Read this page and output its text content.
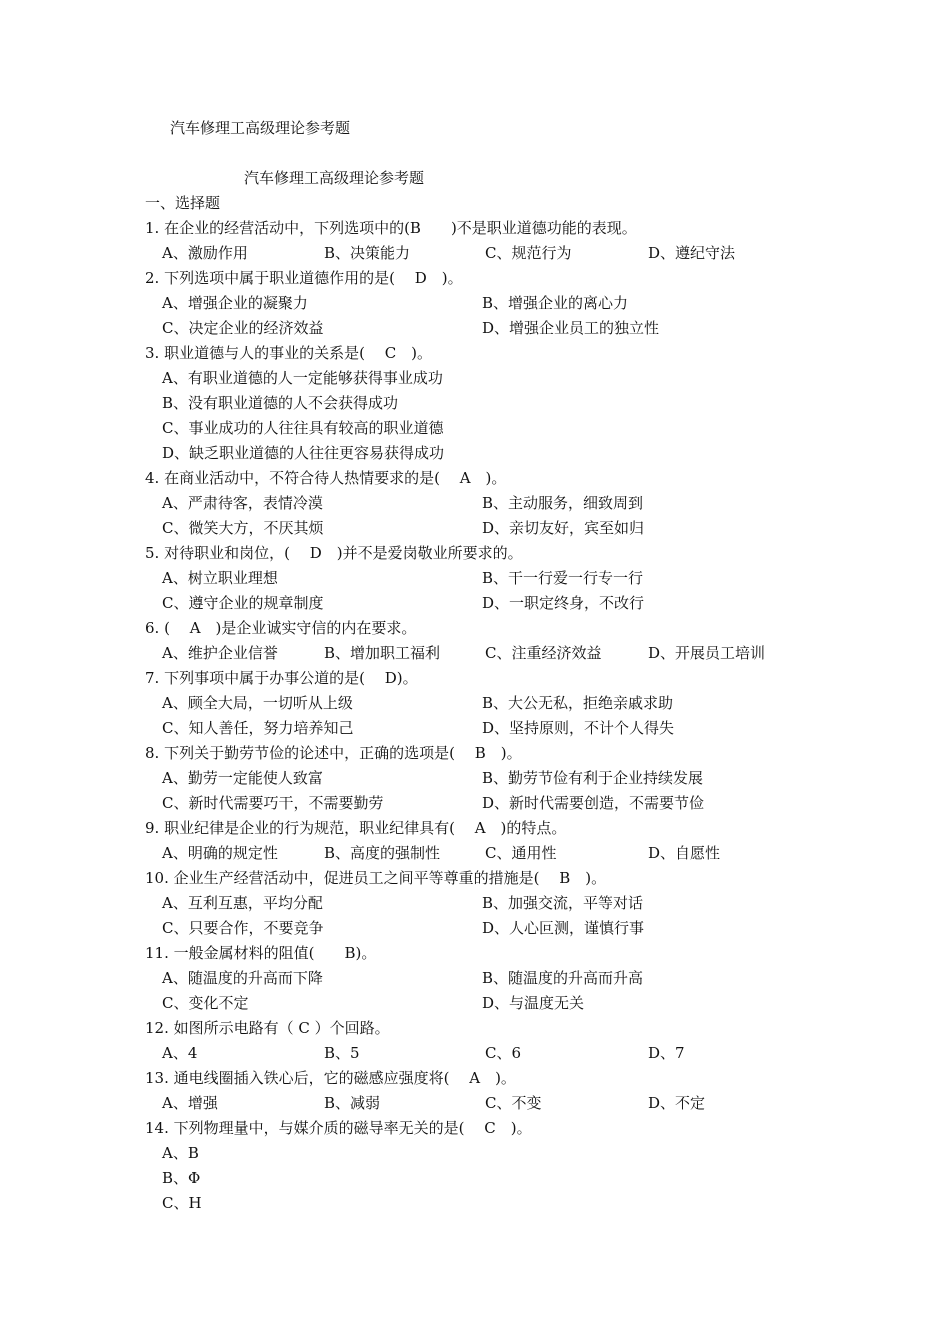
汽车修理工高级理论参考题
汽车修理工高级理论参考题
一、选择题
1. 在企业的经营活动中，下列选项中的(B　　)不是职业道德功能的表现。
A、激励作用	B、决策能力	C、规范行为	D、遵纪守法
2. 下列选项中属于职业道德作用的是(　 D　)。
A、增强企业的凝聚力	B、增强企业的离心力
C、决定企业的经济效益	D、增强企业员工的独立性
3. 职业道德与人的事业的关系是(　 C　)。
A、有职业道德的人一定能够获得事业成功
B、没有职业道德的人不会获得成功
C、事业成功的人往往具有较高的职业道德
D、缺乏职业道德的人往往更容易获得成功
4. 在商业活动中，不符合待人热情要求的是(　 A　)。
A、严肃待客，表情冷漠	B、主动服务，细致周到
C、微笑大方，不厌其烦	D、亲切友好，宾至如归
5. 对待职业和岗位，(　 D　)并不是爱岗敬业所要求的。
A、树立职业理想	B、干一行爱一行专一行
C、遵守企业的规章制度	D、一职定终身，不改行
6. (　 A　)是企业诚实守信的内在要求。
A、维护企业信誉	B、增加职工福利	C、注重经济效益	D、开展员工培训
7. 下列事项中属于办事公道的是(　 D)。
A、顾全大局，一切听从上级	B、大公无私，拒绝亲戚求助
C、知人善任，努力培养知己	D、坚持原则，不计个人得失
8. 下列关于勤劳节俭的论述中，正确的选项是(　 B　)。
A、勤劳一定能使人致富	B、勤劳节俭有利于企业持续发展
C、新时代需要巧干，不需要勤劳	D、新时代需要创造，不需要节俭
9. 职业纪律是企业的行为规范，职业纪律具有(　 A　)的特点。
A、明确的规定性	B、高度的强制性	C、通用性	D、自愿性
10. 企业生产经营活动中，促进员工之间平等尊重的措施是(　 B　)。
A、互利互惠，平均分配	B、加强交流，平等对话
C、只要合作，不要竞争	D、人心叵测，谨慎行事
11. 一般金属材料的阻值(　　B)。
A、随温度的升高而下降	B、随温度的升高而升高
C、变化不定	D、与温度无关
12. 如图所示电路有（ C ）个回路。
A、4	B、5	C、6	D、7
13. 通电线圈插入铁心后，它的磁感应强度将(　 A　)。
A、增强	B、减弱	C、不变	D、不定
14. 下列物理量中，与媒介质的磁导率无关的是(　 C　)。
A、B
B、Φ
C、H
